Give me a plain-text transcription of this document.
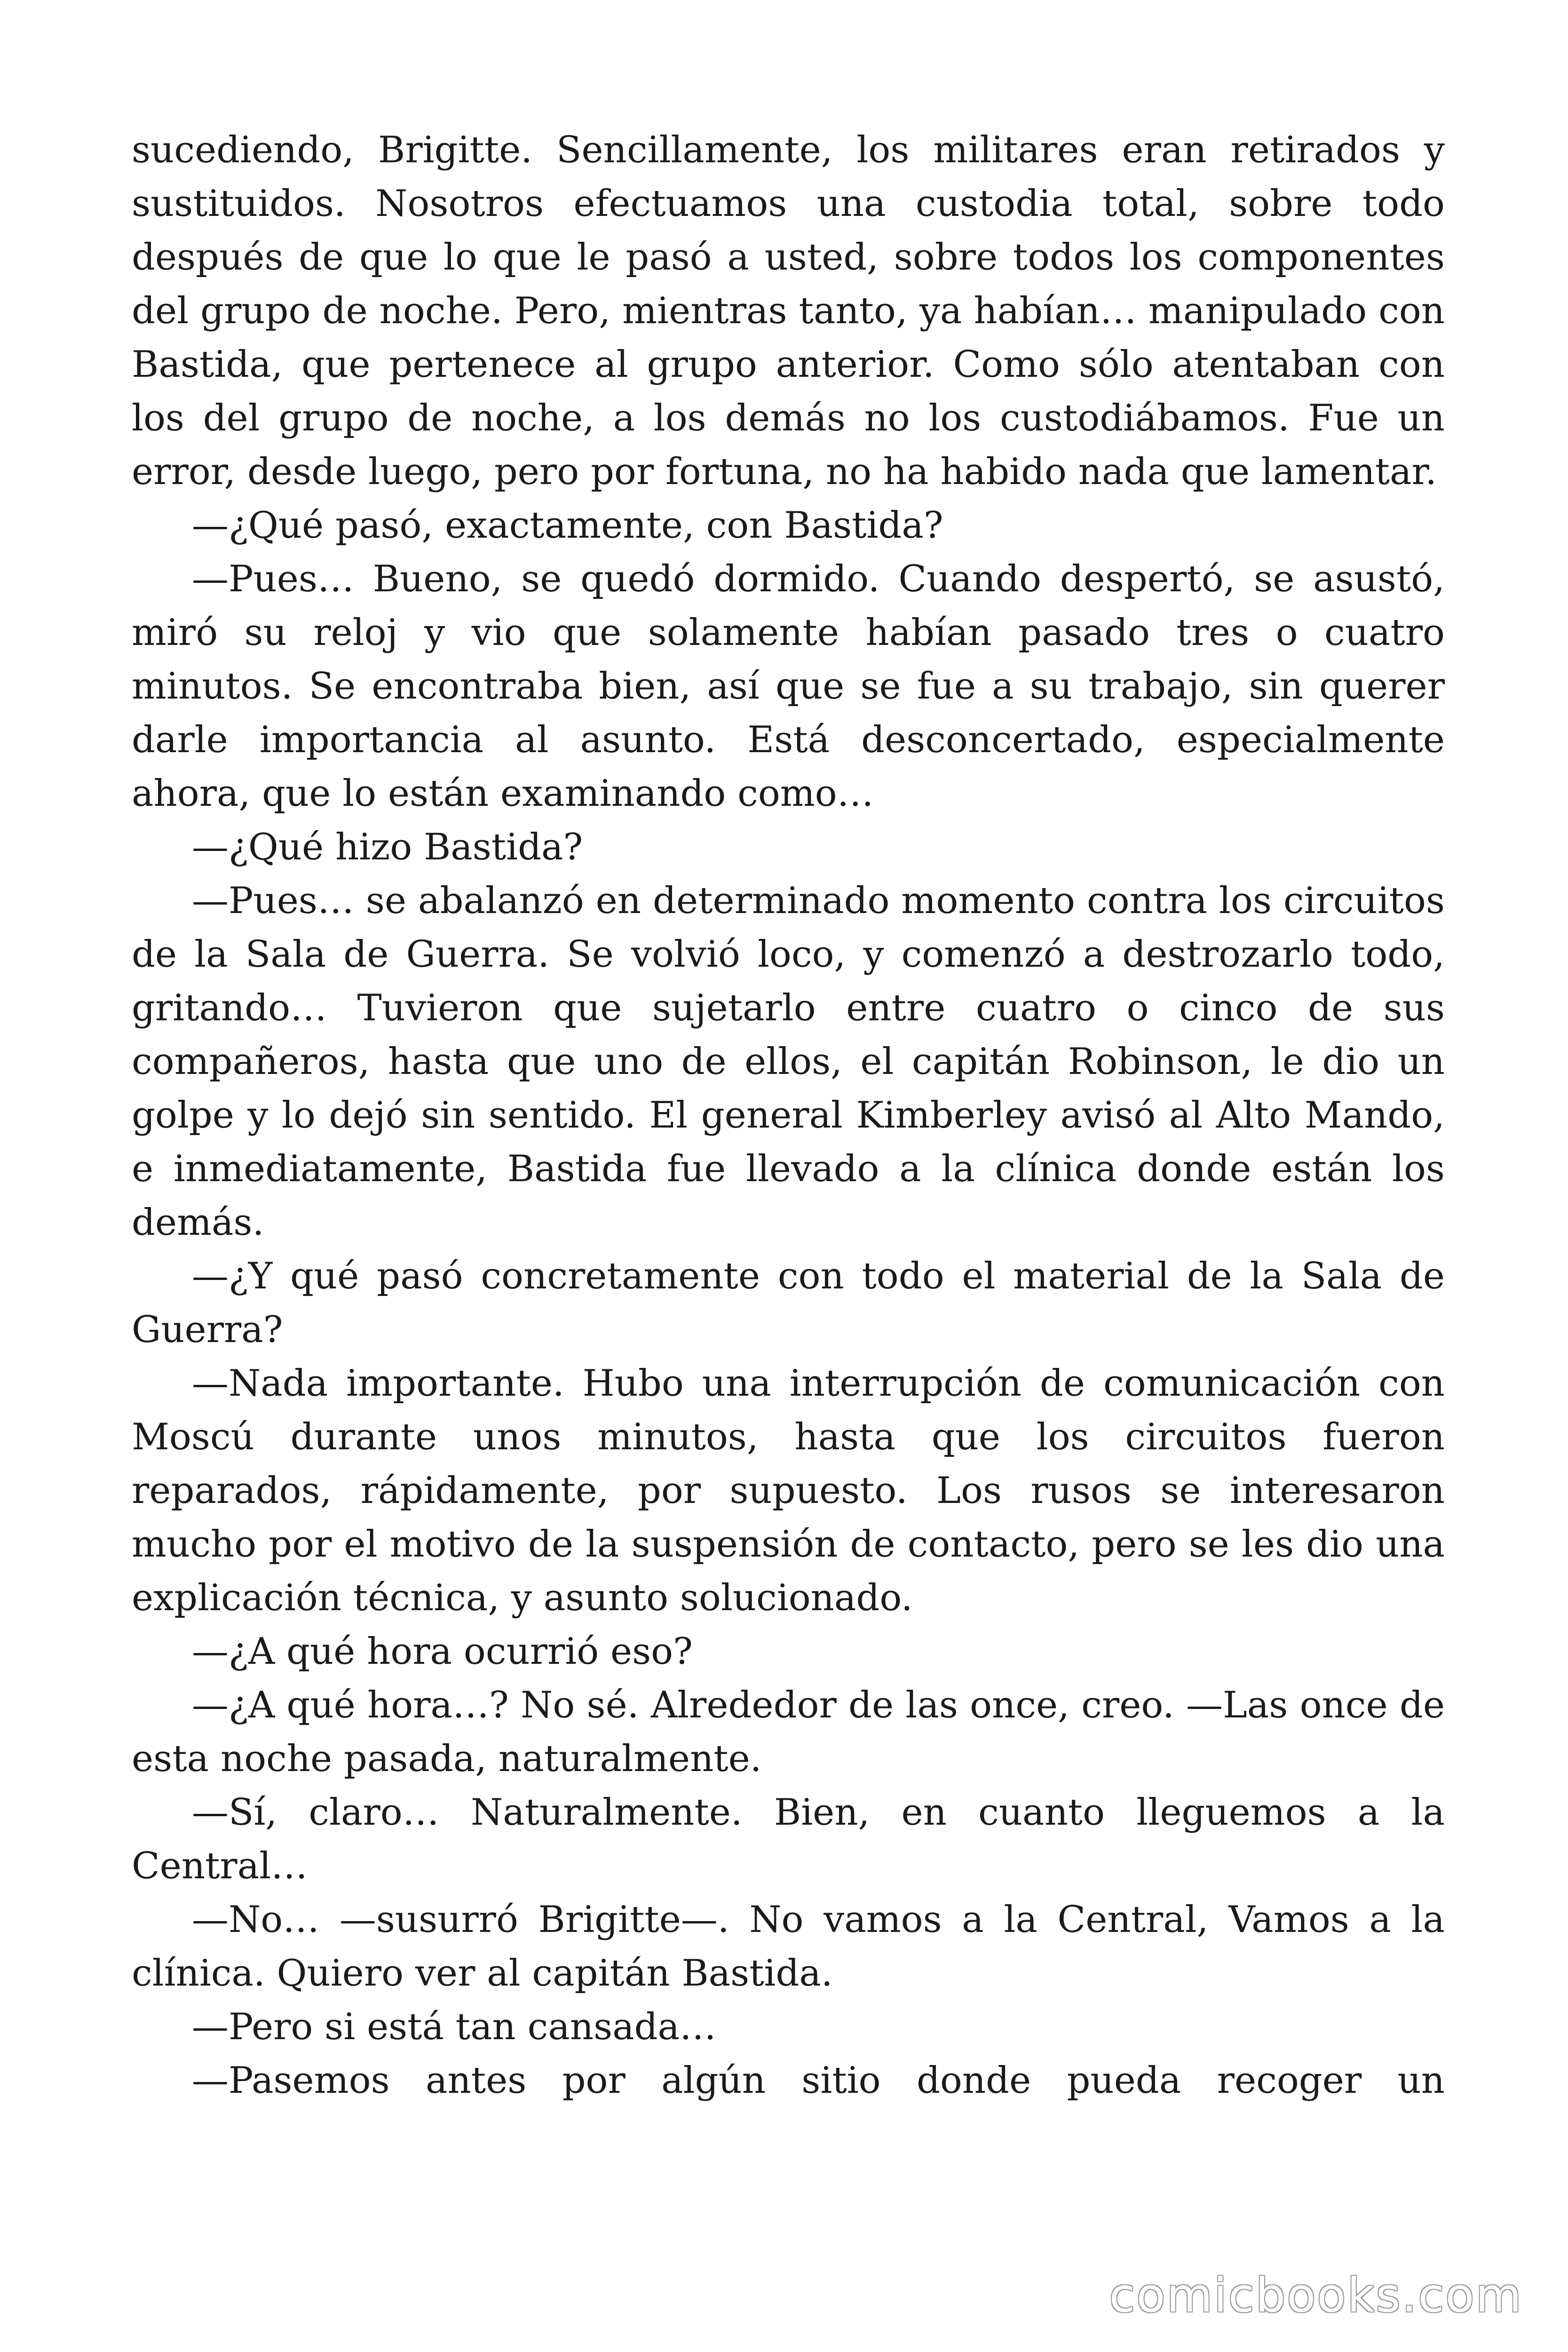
sucediendo, Brigitte. Sencillamente, los militares eran retirados y sustituidos. Nosotros efectuamos una custodia total, sobre todo después de que lo que le pasó a usted, sobre todos los componentes del grupo de noche. Pero, mientras tanto, ya habían… manipulado con Bastida, que pertenece al grupo anterior. Como sólo atentaban con los del grupo de noche, a los demás no los custodiábamos. Fue un error, desde luego, pero por fortuna, no ha habido nada que lamentar.

—¿Qué pasó, exactamente, con Bastida?

—Pues… Bueno, se quedó dormido. Cuando despertó, se asustó, miró su reloj y vio que solamente habían pasado tres o cuatro minutos. Se encontraba bien, así que se fue a su trabajo, sin querer darle importancia al asunto. Está desconcertado, especialmente ahora, que lo están examinando como…

—¿Qué hizo Bastida?

—Pues… se abalanzó en determinado momento contra los circuitos de la Sala de Guerra. Se volvió loco, y comenzó a destrozarlo todo, gritando… Tuvieron que sujetarlo entre cuatro o cinco de sus compañeros, hasta que uno de ellos, el capitán Robinson, le dio un golpe y lo dejó sin sentido. El general Kimberley avisó al Alto Mando, e inmediatamente, Bastida fue llevado a la clínica donde están los demás.

—¿Y qué pasó concretamente con todo el material de la Sala de Guerra?

—Nada importante. Hubo una interrupción de comunicación con Moscú durante unos minutos, hasta que los circuitos fueron reparados, rápidamente, por supuesto. Los rusos se interesaron mucho por el motivo de la suspensión de contacto, pero se les dio una explicación técnica, y asunto solucionado.

—¿A qué hora ocurrió eso?

—¿A qué hora…? No sé. Alrededor de las once, creo. —Las once de esta noche pasada, naturalmente.

—Sí, claro… Naturalmente. Bien, en cuanto lleguemos a la Central…

—No… —susurró Brigitte—. No vamos a la Central, Vamos a la clínica. Quiero ver al capitán Bastida.

—Pero si está tan cansada…

—Pasemos antes por algún sitio donde pueda recoger un

comicbooks.com
